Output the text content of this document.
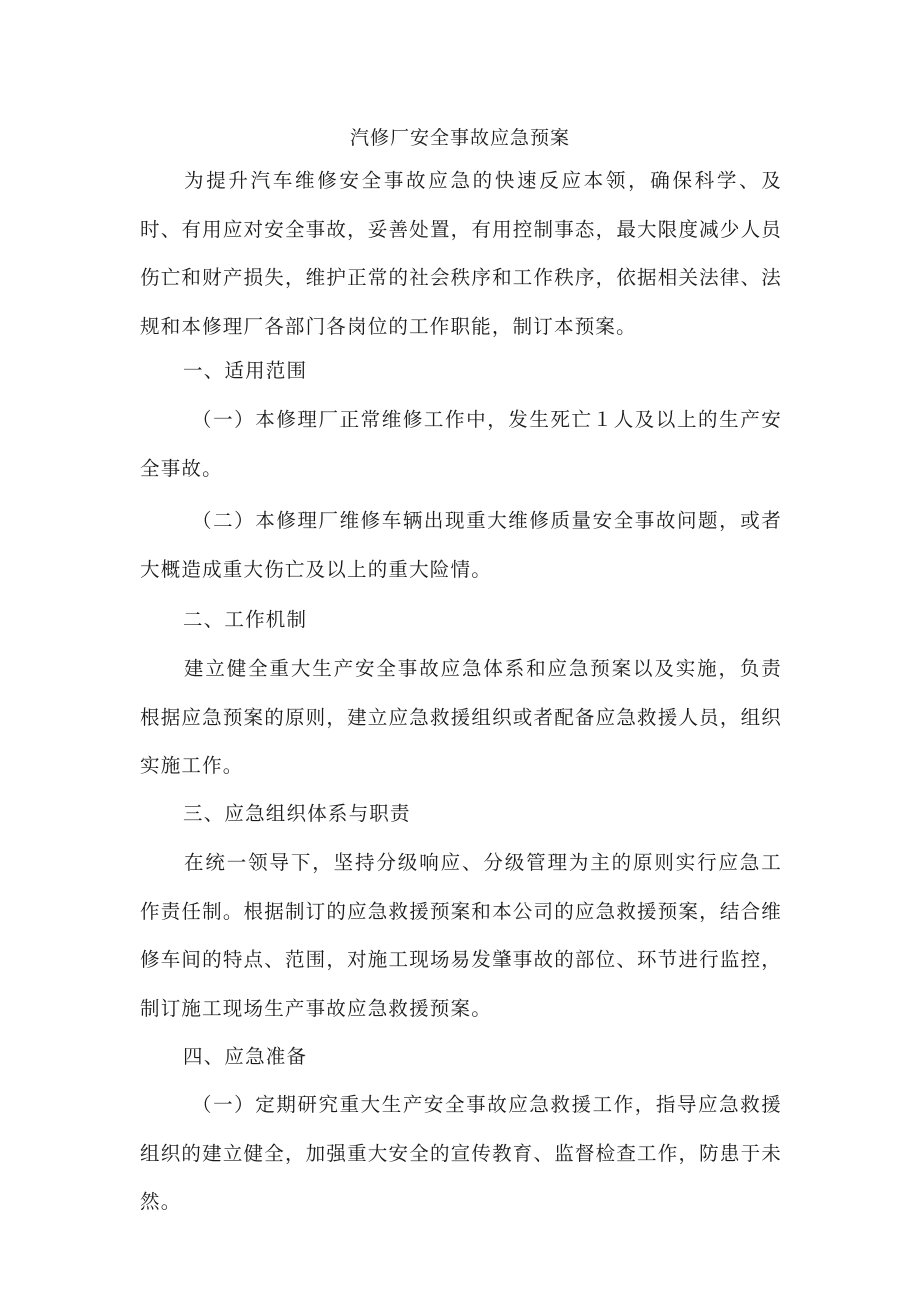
汽修厂安全事故应急预案

为提升汽车维修安全事故应急的快速反应本领，确保科学、及时、有用应对安全事故，妥善处置，有用控制事态，最大限度减少人员伤亡和财产损失，维护正常的社会秩序和工作秩序，依据相关法律、法规和本修理厂各部门各岗位的工作职能，制订本预案。

一、适用范围

（一）本修理厂正常维修工作中，发生死亡１人及以上的生产安全事故。

（二）本修理厂维修车辆出现重大维修质量安全事故问题，或者大概造成重大伤亡及以上的重大险情。

二、工作机制

建立健全重大生产安全事故应急体系和应急预案以及实施，负责根据应急预案的原则，建立应急救援组织或者配备应急救援人员，组织实施工作。

三、应急组织体系与职责

在统一领导下，坚持分级响应、分级管理为主的原则实行应急工作责任制。根据制订的应急救援预案和本公司的应急救援预案，结合维修车间的特点、范围，对施工现场易发肇事故的部位、环节进行监控，制订施工现场生产事故应急救援预案。

四、应急准备

（一）定期研究重大生产安全事故应急救援工作，指导应急救援组织的建立健全，加强重大安全的宣传教育、监督检查工作，防患于未然。
